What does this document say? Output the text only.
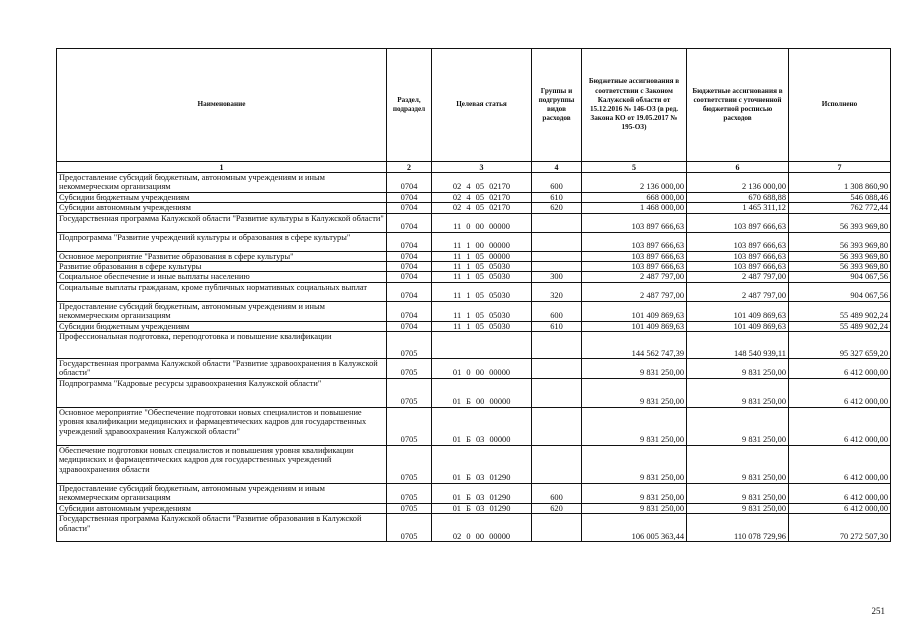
Наименование	Раздел, подраздел	Целевая статья	Группы и подгруппы видов расходов	Бюджетные ассигнования в соответствии с Законом Калужской области от 15.12.2016 № 146-ОЗ (в ред. Закона КО от 19.05.2017 № 195-ОЗ)	Бюджетные ассигнования в соответствии с уточненной бюджетной росписью расходов	Исполнено
1	2	3	4	5	6	7
Предоставление субсидий бюджетным, автономным учреждениям и иным некоммерческим организациям	0704	02 4 05 02170	600	2 136 000,00	2 136 000,00	1 308 860,90
Субсидии бюджетным учреждениям	0704	02 4 05 02170	610	668 000,00	670 688,88	546 088,46
Субсидии автономным учреждениям	0704	02 4 05 02170	620	1 468 000,00	1 465 311,12	762 772,44
Государственная программа Калужской области "Развитие культуры в Калужской области"	0704	11 0 00 00000		103 897 666,63	103 897 666,63	56 393 969,80
Подпрограмма "Развитие учреждений культуры и образования в сфере культуры"	0704	11 1 00 00000		103 897 666,63	103 897 666,63	56 393 969,80
Основное мероприятие "Развитие образования в сфере культуры"	0704	11 1 05 00000		103 897 666,63	103 897 666,63	56 393 969,80
Развитие образования в сфере культуры	0704	11 1 05 05030		103 897 666,63	103 897 666,63	56 393 969,80
Социальное обеспечение и иные выплаты населению	0704	11 1 05 05030	300	2 487 797,00	2 487 797,00	904 067,56
Социальные выплаты гражданам, кроме публичных нормативных социальных выплат	0704	11 1 05 05030	320	2 487 797,00	2 487 797,00	904 067,56
Предоставление субсидий бюджетным, автономным учреждениям и иным некоммерческим организациям	0704	11 1 05 05030	600	101 409 869,63	101 409 869,63	55 489 902,24
Субсидии бюджетным учреждениям	0704	11 1 05 05030	610	101 409 869,63	101 409 869,63	55 489 902,24
Профессиональная подготовка, переподготовка и повышение квалификации	0705			144 562 747,39	148 540 939,11	95 327 659,20
Государственная программа Калужской области "Развитие здравоохранения в Калужской области"	0705	01 0 00 00000		9 831 250,00	9 831 250,00	6 412 000,00
Подпрограмма "Кадровые ресурсы здравоохранения Калужской области"	0705	01 Б 00 00000		9 831 250,00	9 831 250,00	6 412 000,00
Основное мероприятие "Обеспечение подготовки новых специалистов и повышение уровня квалификации медицинских и фармацевтических кадров для государственных учреждений здравоохранения Калужской области"	0705	01 Б 03 00000		9 831 250,00	9 831 250,00	6 412 000,00
Обеспечение подготовки новых специалистов и повышения уровня квалификации медицинских и фармацевтических кадров для государственных учреждений здравоохранения области	0705	01 Б 03 01290		9 831 250,00	9 831 250,00	6 412 000,00
Предоставление субсидий бюджетным, автономным учреждениям и иным некоммерческим организациям	0705	01 Б 03 01290	600	9 831 250,00	9 831 250,00	6 412 000,00
Субсидии автономным учреждениям	0705	01 Б 03 01290	620	9 831 250,00	9 831 250,00	6 412 000,00
Государственная программа Калужской области "Развитие образования в Калужской области"	0705	02 0 00 00000		106 005 363,44	110 078 729,96	70 272 507,30
251
